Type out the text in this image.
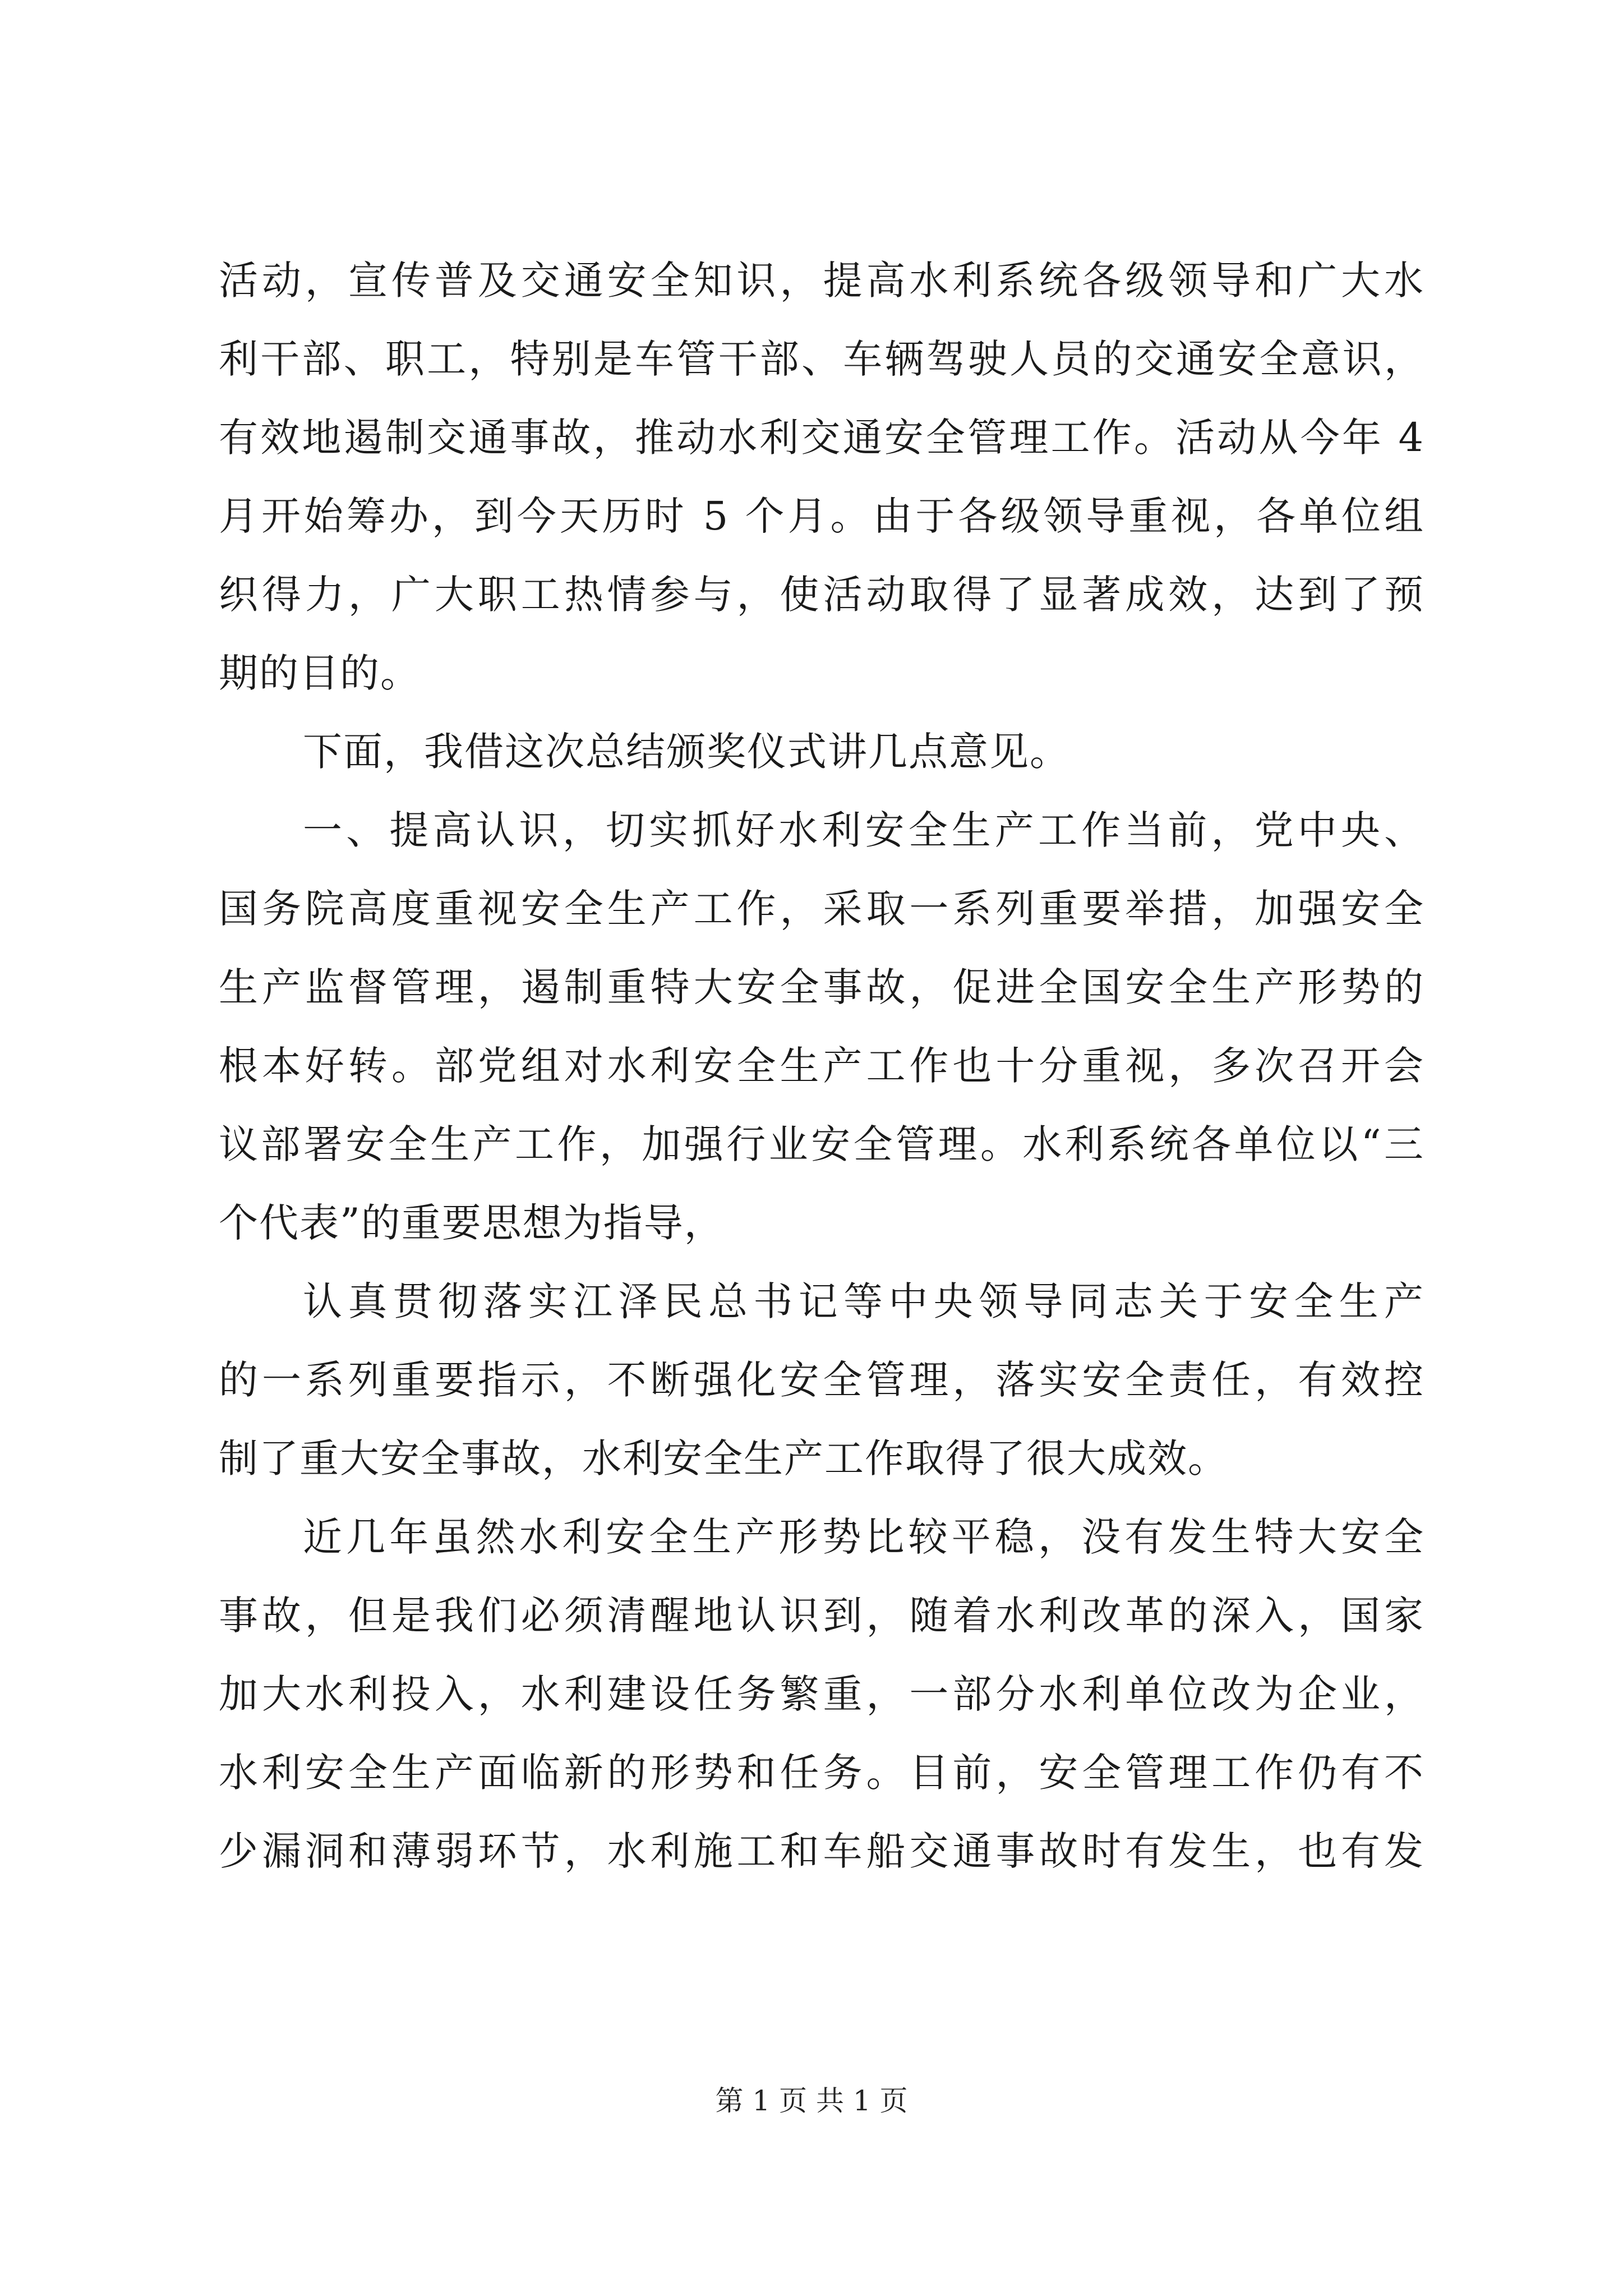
活动，宣传普及交通安全知识，提高水利系统各级领导和广大水
利干部、职工，特别是车管干部、车辆驾驶人员的交通安全意识，
有效地遏制交通事故，推动水利交通安全管理工作。活动从今年 4
月开始筹办，到今天历时 5 个月。由于各级领导重视，各单位组
织得力，广大职工热情参与，使活动取得了显著成效，达到了预
期的目的。
下面，我借这次总结颁奖仪式讲几点意见。
一、提高认识，切实抓好水利安全生产工作当前，党中央、
国务院高度重视安全生产工作，采取一系列重要举措，加强安全
生产监督管理，遏制重特大安全事故，促进全国安全生产形势的
根本好转。部党组对水利安全生产工作也十分重视，多次召开会
议部署安全生产工作，加强行业安全管理。水利系统各单位以“三
个代表”的重要思想为指导，
认真贯彻落实江泽民总书记等中央领导同志关于安全生产
的一系列重要指示，不断强化安全管理，落实安全责任，有效控
制了重大安全事故，水利安全生产工作取得了很大成效。
近几年虽然水利安全生产形势比较平稳，没有发生特大安全
事故，但是我们必须清醒地认识到，随着水利改革的深入，国家
加大水利投入，水利建设任务繁重，一部分水利单位改为企业，
水利安全生产面临新的形势和任务。目前，安全管理工作仍有不
少漏洞和薄弱环节，水利施工和车船交通事故时有发生，也有发
第 1 页 共 1 页
